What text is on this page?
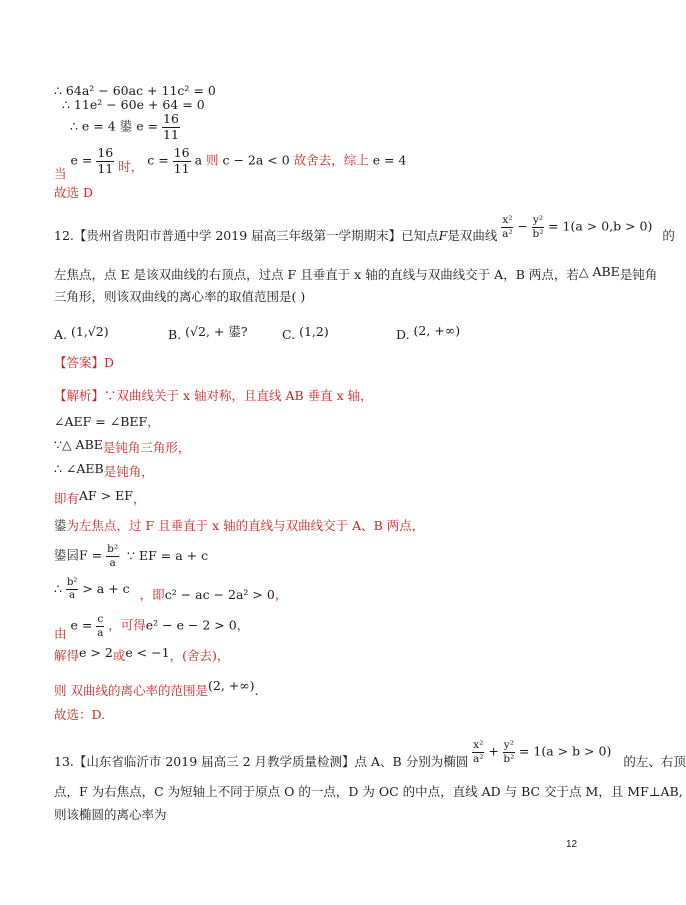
∴ 64a² − 60ac + 11c² = 0
∴ 11e² − 60e + 64 = 0
∴ e = 4 鍙 $e = \frac{16}{11}$
当 $e = \frac{16}{11}$ 时， $c = \frac{16}{11}$ a 则 c − 2a < 0 故舍去，综上 e = 4
故选 D
12.【贵州省贵阳市普通中学 2019 届高三年级第一学期期末】已知点F是双曲线 $\frac{\text{x²}}{\text{a²}} - \frac{\text{y²}}{\text{b²}} = 1(a > 0,b > 0)$ 的
左焦点，点 E 是该双曲线的右顶点，过点 F 且垂直于 x 轴的直线与双曲线交于 A，B 两点，若△ ABE是钝角
三角形，则该双曲线的离心率的取值范围是( )
A. (1,√2)	B. (√2, + 鍙?	C. (1,2)	D. (2, +∞)
【答案】D
【解析】∵双曲线关于 x 轴对称，且直线 AB 垂直 x 轴，
∠AEF = ∠BEF，
∵△ ABE是钝角三角形，
∴ ∠AEB是钝角，
即有AF > EF，
鍙为左焦点，过 F 且垂直于 x 轴的直线与双曲线交于 A、B 两点，
鍙囩$F = \frac{\text{b²}}{a}$ ∵ EF = a + c
∴ $\frac{\text{b²}}{a} > a + c$ ，即c² − ac − 2a² > 0，
由 $e = \frac{c}{a}$ ，可得e² − e − 2 > 0，
解得e > 2或e < −1，(舍去)，
则 双曲线的离心率的范围是(2, +∞).
故选：D.
13.【山东省临沂市 2019 届高三 2 月教学质量检测】点 A、B 分别为椭圆 $\frac{\text{x²}}{\text{a²}} + \frac{\text{y²}}{\text{b²}} = 1(a > b > 0)$ 的左、右顶
点，F 为右焦点，C 为短轴上不同于原点 O 的一点，D 为 OC 的中点，直线 AD 与 BC 交于点 M，且 MF⊥AB,
则该椭圆的离心率为
12
